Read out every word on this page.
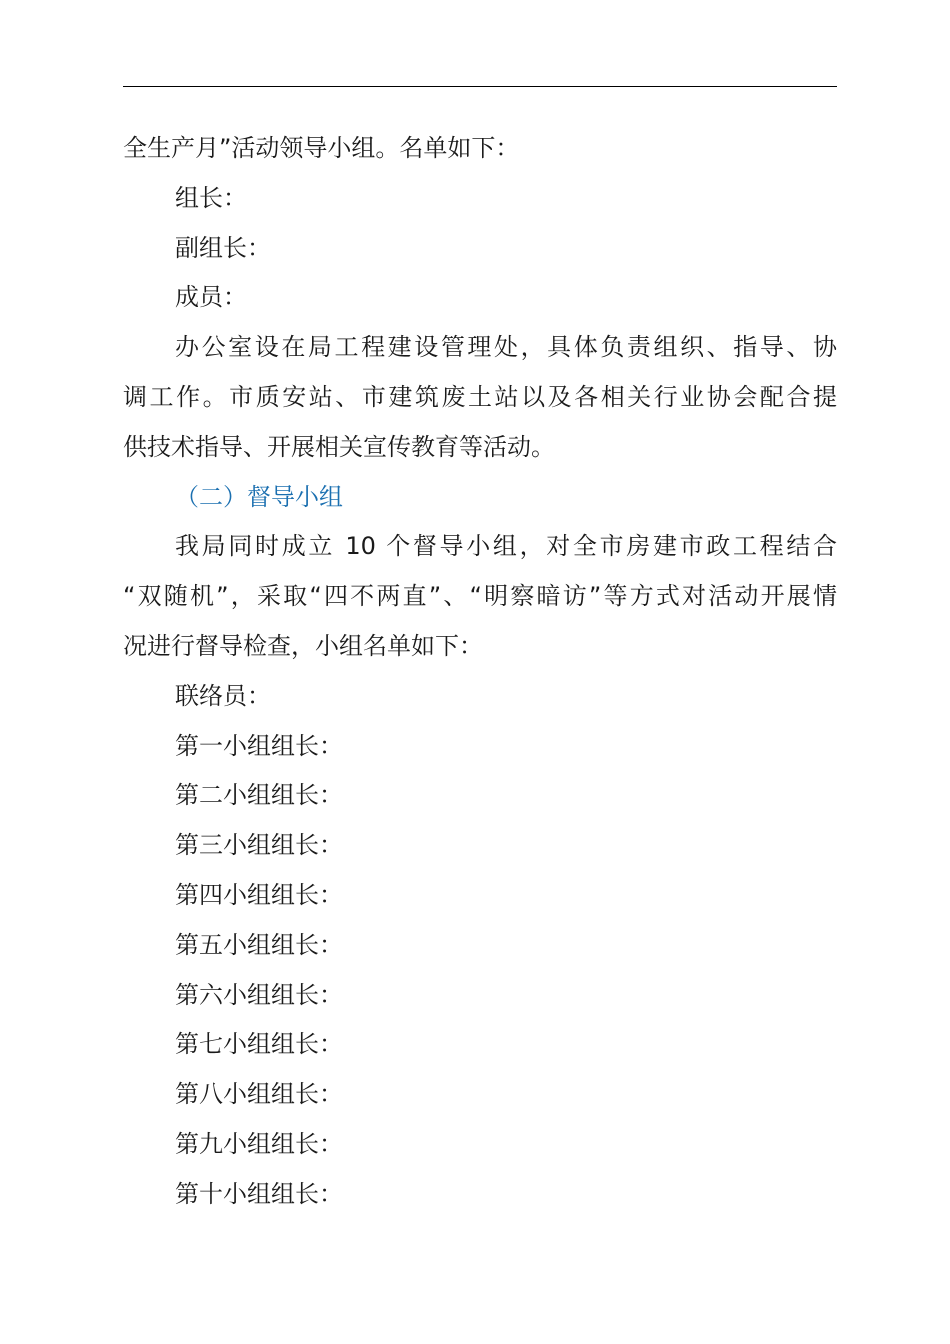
全生产月”活动领导小组。名单如下：
组长：
副组长：
成员：
办公室设在局工程建设管理处，具体负责组织、指导、协
调工作。市质安站、市建筑废土站以及各相关行业协会配合提
供技术指导、开展相关宣传教育等活动。
（二）督导小组
我局同时成立 10 个督导小组，对全市房建市政工程结合
“双随机”，采取“四不两直”、“明察暗访”等方式对活动开展情
况进行督导检查，小组名单如下：
联络员：
第一小组组长：
第二小组组长：
第三小组组长：
第四小组组长：
第五小组组长：
第六小组组长：
第七小组组长：
第八小组组长：
第九小组组长：
第十小组组长：
